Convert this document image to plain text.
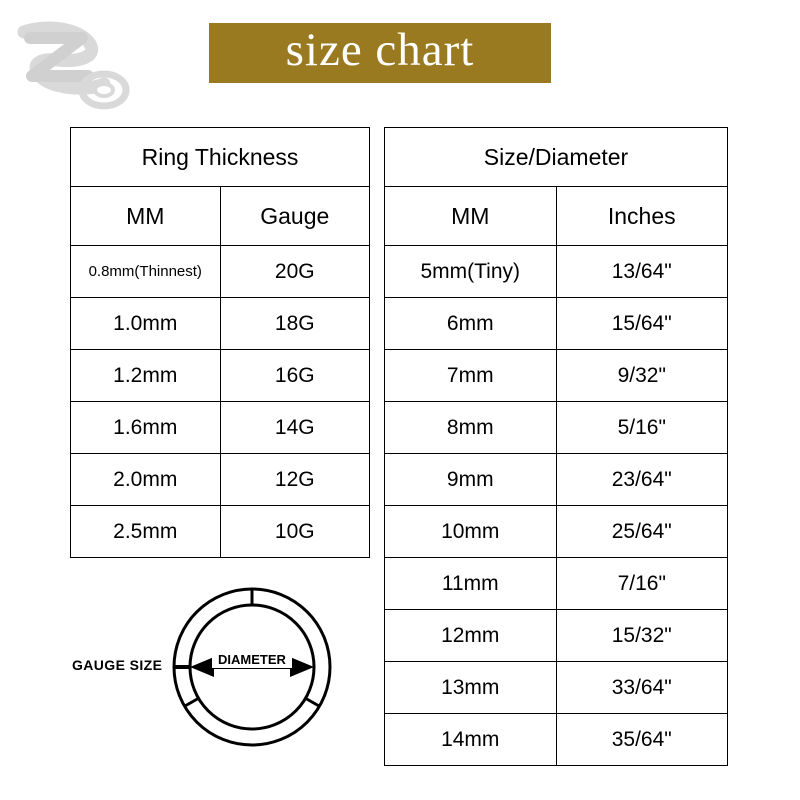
size chart
Ring Thickness	
MM	Gauge
0.8mm(Thinnest)	20G
1.0mm	18G
1.2mm	16G
1.6mm	14G
2.0mm	12G
2.5mm	10G
Size/Diameter	
MM	Inches
5mm(Tiny)	13/64"
6mm	15/64"
7mm	9/32"
8mm	5/16"
9mm	23/64"
10mm	25/64"
11mm	7/16"
12mm	15/32"
13mm	33/64"
14mm	35/64"
GAUGE SIZE	DIAMETER
